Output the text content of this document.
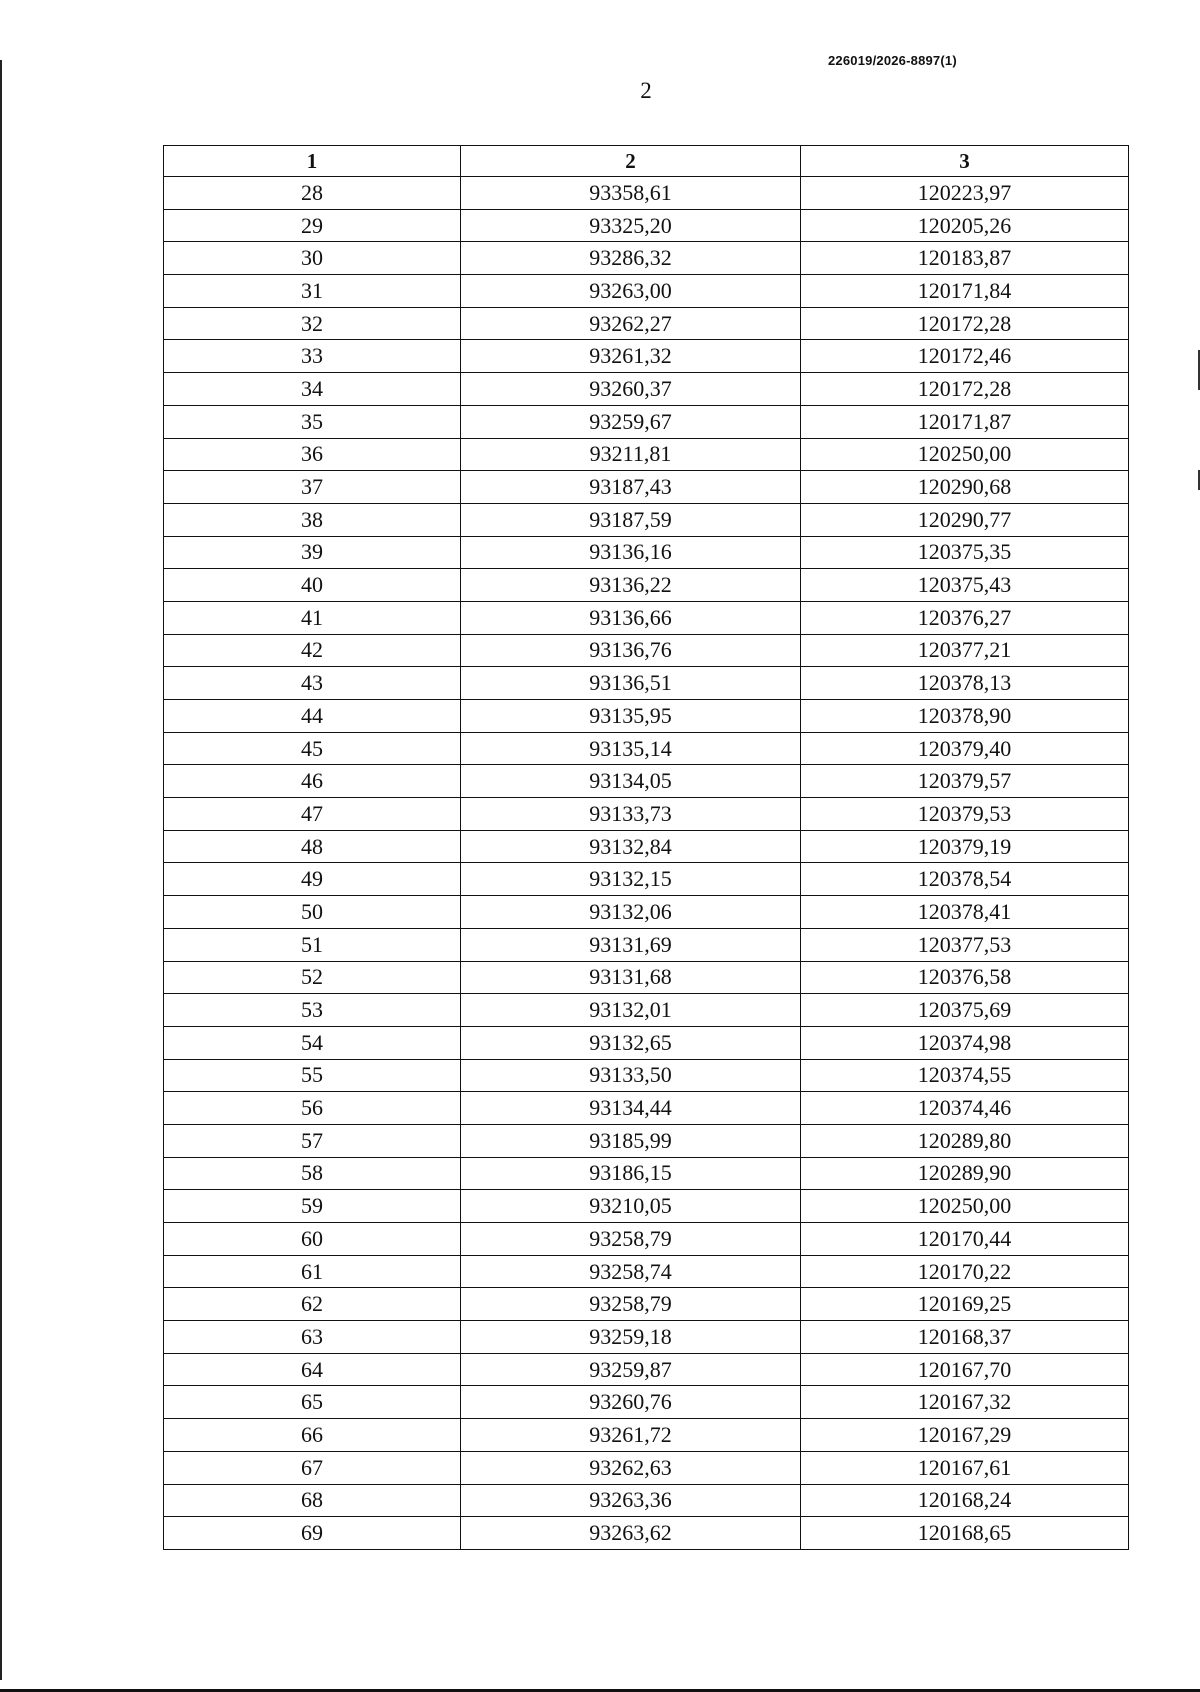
226019/2026-8897(1)
2
1	2	3
28	93358,61	120223,97
29	93325,20	120205,26
30	93286,32	120183,87
31	93263,00	120171,84
32	93262,27	120172,28
33	93261,32	120172,46
34	93260,37	120172,28
35	93259,67	120171,87
36	93211,81	120250,00
37	93187,43	120290,68
38	93187,59	120290,77
39	93136,16	120375,35
40	93136,22	120375,43
41	93136,66	120376,27
42	93136,76	120377,21
43	93136,51	120378,13
44	93135,95	120378,90
45	93135,14	120379,40
46	93134,05	120379,57
47	93133,73	120379,53
48	93132,84	120379,19
49	93132,15	120378,54
50	93132,06	120378,41
51	93131,69	120377,53
52	93131,68	120376,58
53	93132,01	120375,69
54	93132,65	120374,98
55	93133,50	120374,55
56	93134,44	120374,46
57	93185,99	120289,80
58	93186,15	120289,90
59	93210,05	120250,00
60	93258,79	120170,44
61	93258,74	120170,22
62	93258,79	120169,25
63	93259,18	120168,37
64	93259,87	120167,70
65	93260,76	120167,32
66	93261,72	120167,29
67	93262,63	120167,61
68	93263,36	120168,24
69	93263,62	120168,65
